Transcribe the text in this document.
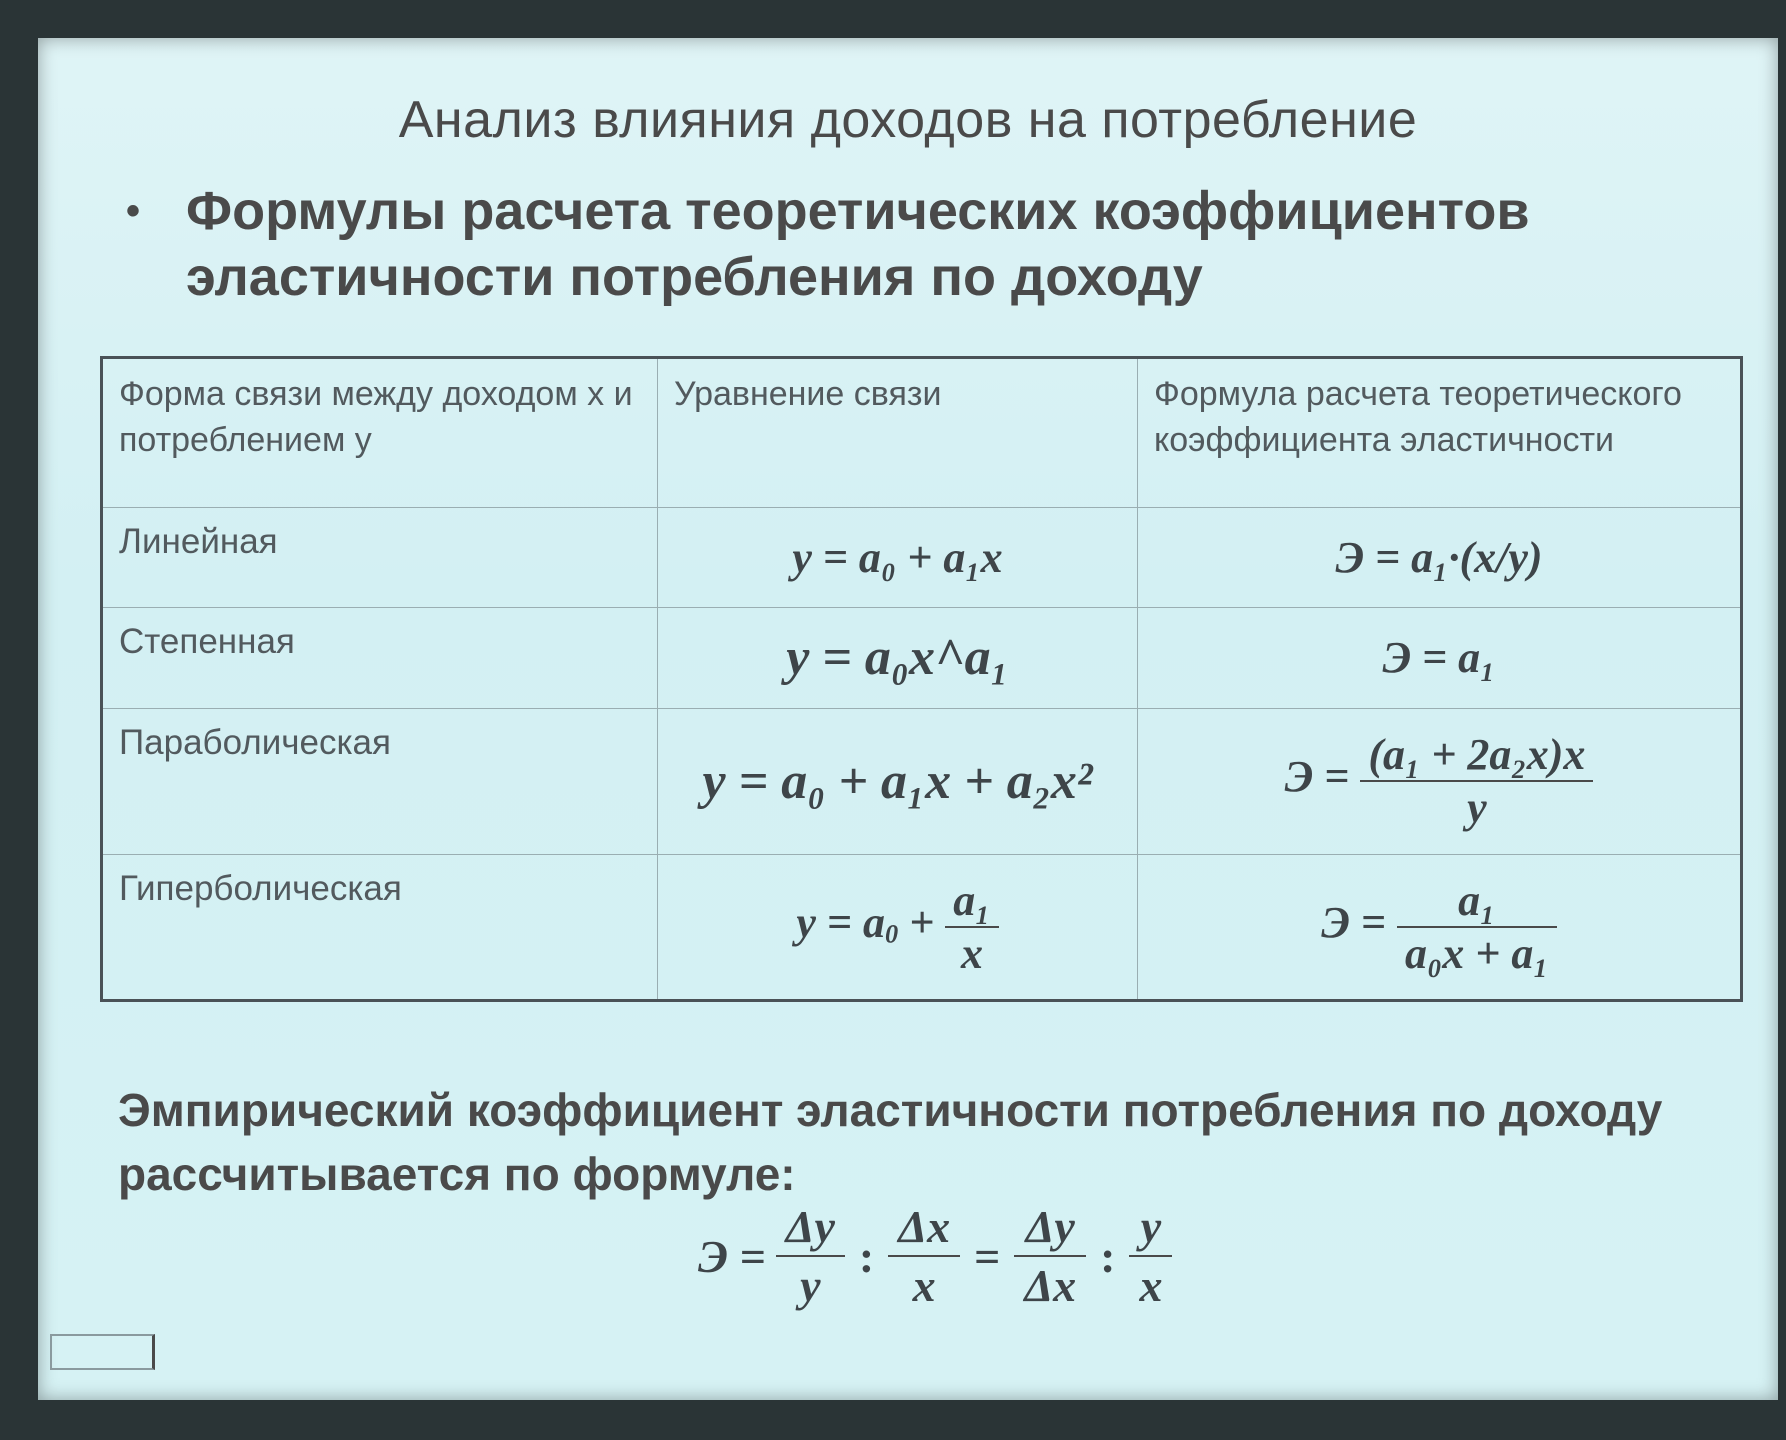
Анализ влияния доходов на потребление
• Формулы расчета теоретических коэффициентов
эластичности потребления по доходу
Форма связи между доходом x и потреблением y	Уравнение связи	Формула расчета теоретического коэффициента эластичности
Линейная	y = a₀ + a₁x	Э = a₁·(x/y)
Степенная	y = a₀x^a₁	Э = a₁
Параболическая	y = a₀ + a₁x + a₂x²	$Э = \frac{\text{(a₁ + 2a₂x)x}}{y}$

Гиперболическая	$y = a_0 + \frac{\text{a₁}}{x}$	$Э = \frac{\text{a₁}}{\text{a₀x + a₁}}$
Эмпирический коэффициент эластичности потребления по доходу
рассчитывается по формуле:
$Э = \frac{\Delta y}{y}$ : $\frac{\Delta x}{x} = \frac{\Delta y}{\Delta x}$ : $\frac{y}{x}$
